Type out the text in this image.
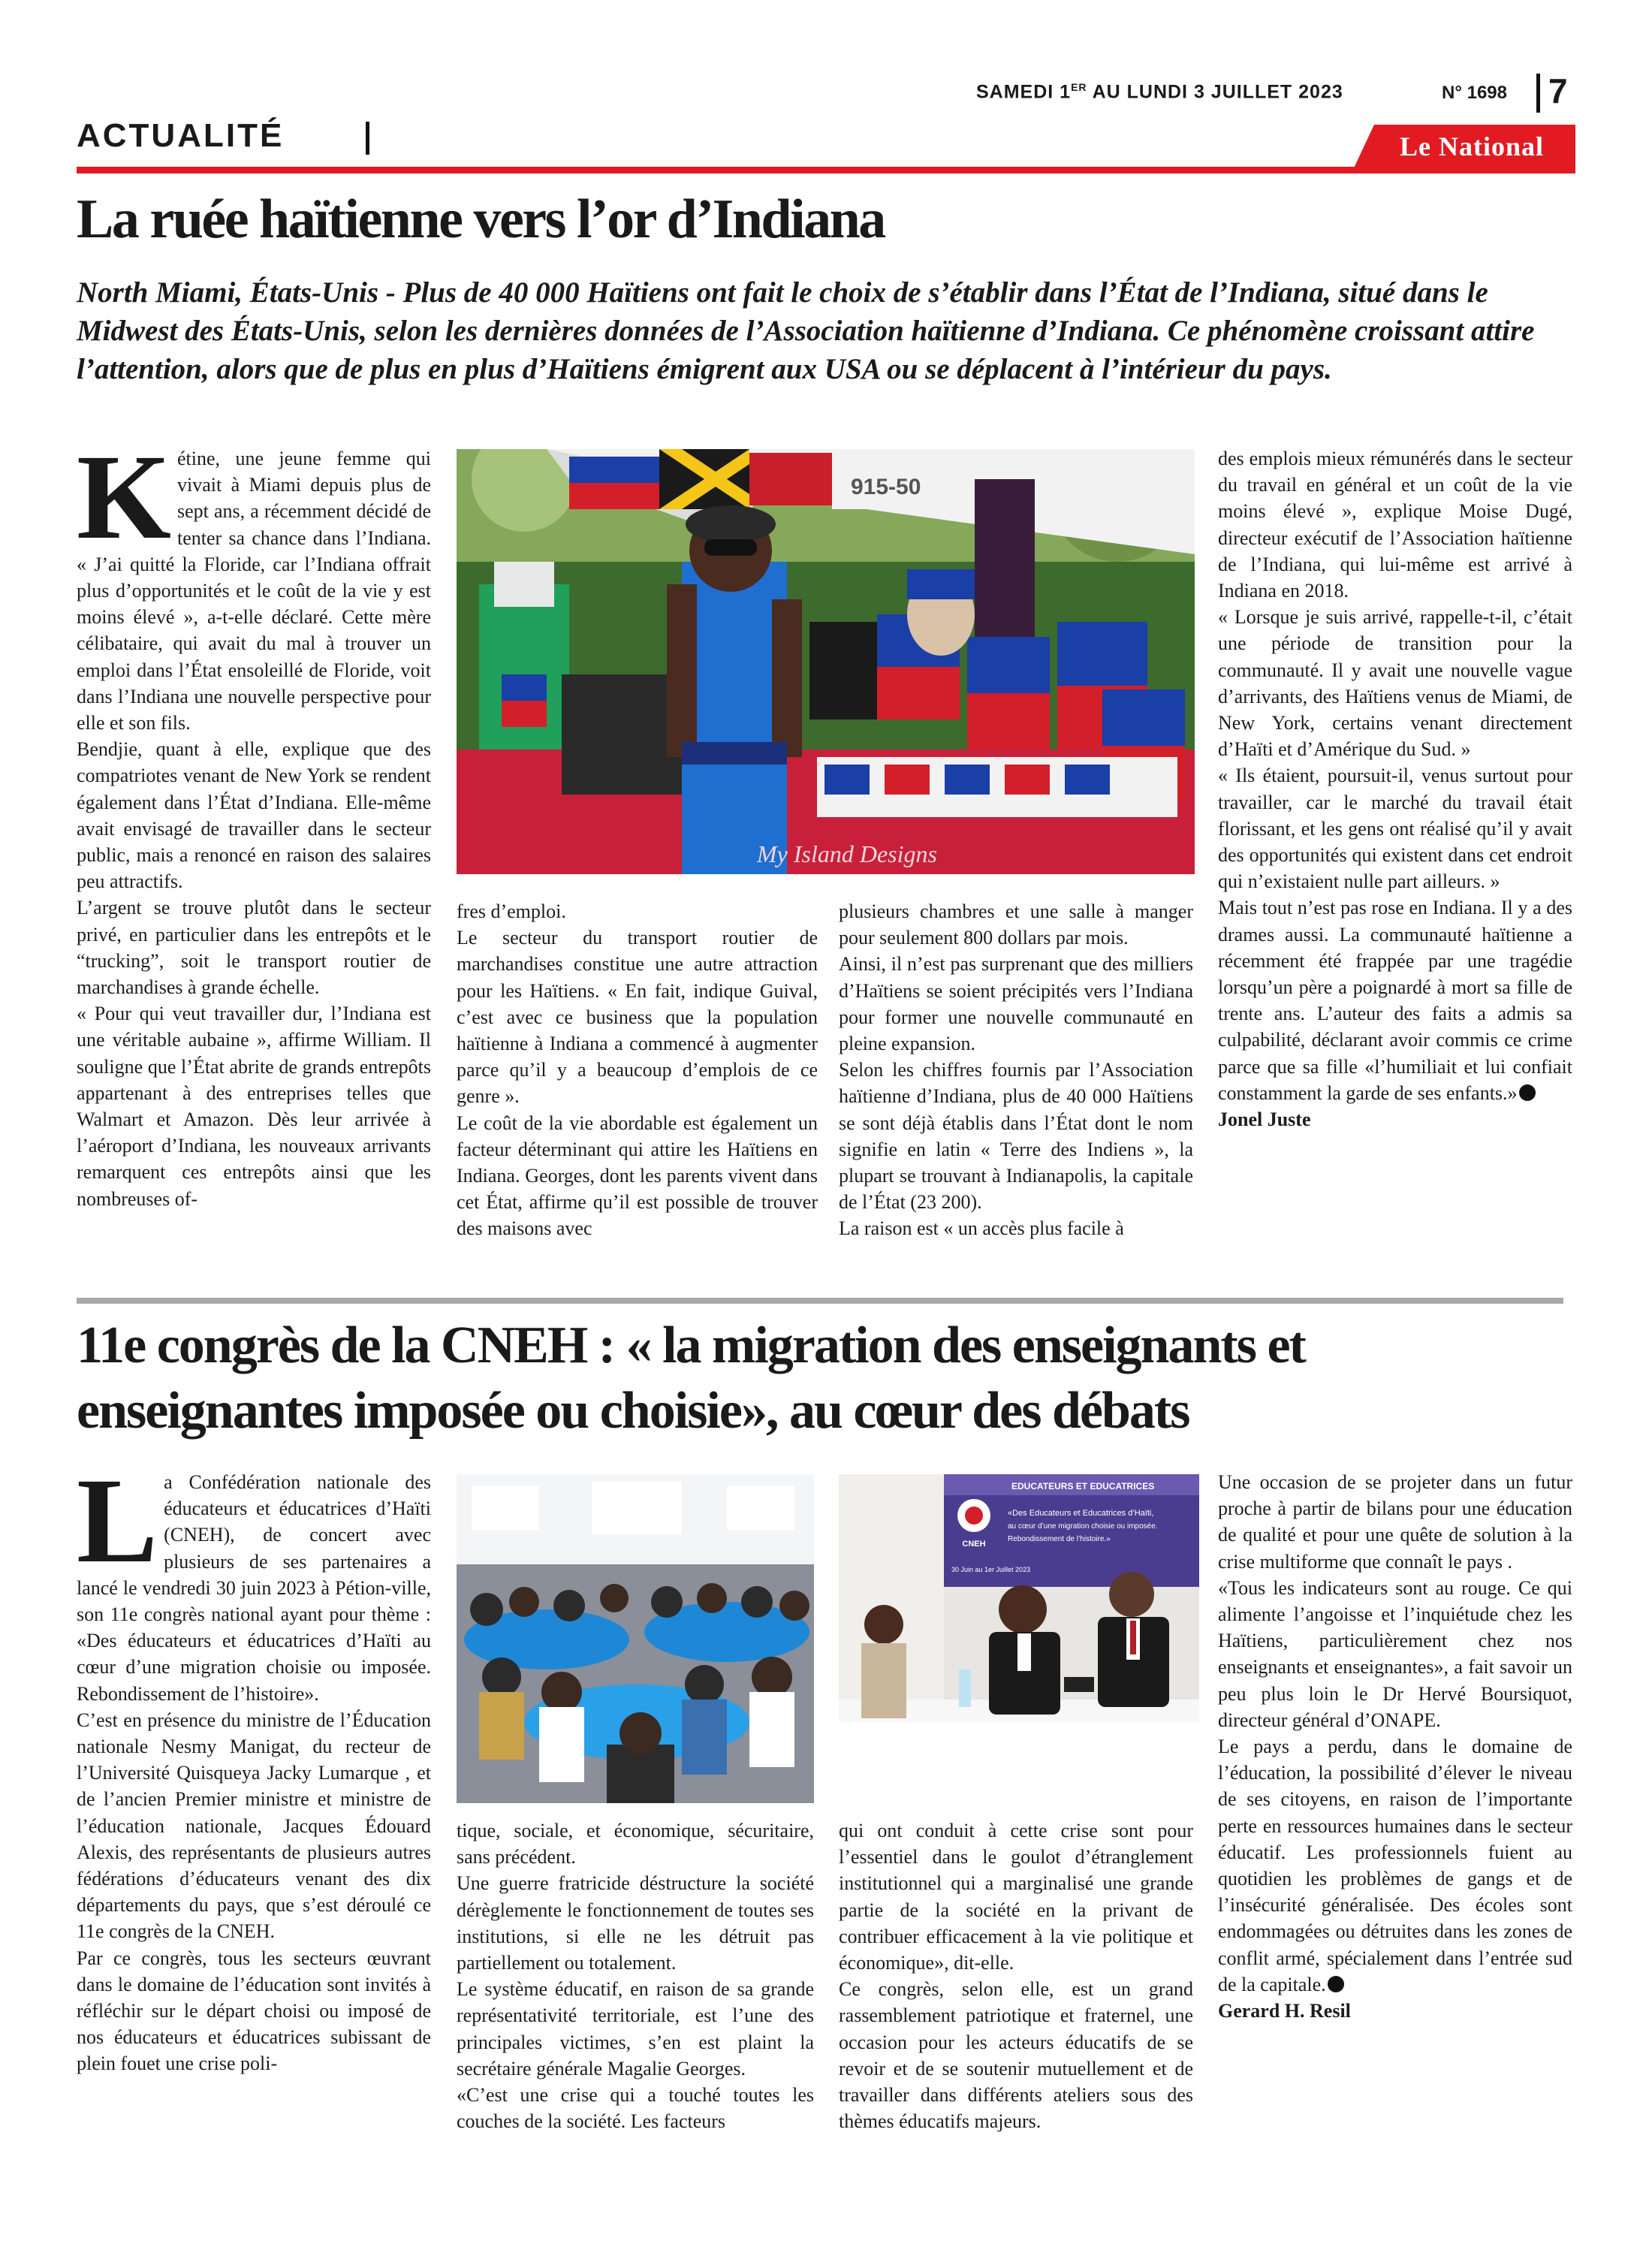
SAMEDI 1ER AU LUNDI 3 JUILLET 2023	N° 1698 7
ACTUALITÉ	Le National
La ruée haïtienne vers l’or d’Indiana
North Miami, États-Unis - Plus de 40 000 Haïtiens ont fait le choix de s’établir dans l’État de l’Indiana, situé dans le Midwest des États-Unis, selon les dernières données de l’Association haïtienne d’Indiana. Ce phénomène croissant attire l’attention, alors que de plus en plus d’Haïtiens émigrent aux USA ou se déplacent à l’intérieur du pays.

Kétine, une jeune femme qui vivait à Miami depuis plus de sept ans, a récemment décidé de tenter sa chance dans l’Indiana. « J’ai quitté la Floride, car l’Indiana offrait plus d’opportunités et le coût de la vie y est moins élevé », a-t-elle déclaré. Cette mère célibataire, qui avait du mal à trouver un emploi dans l’État ensoleillé de Floride, voit dans l’Indiana une nouvelle perspective pour elle et son fils.

Bendjie, quant à elle, explique que des compatriotes venant de New York se rendent également dans l’État d’Indiana. Elle-même avait envisagé de travailler dans le secteur public, mais a renoncé en raison des salaires peu attractifs.

L’argent se trouve plutôt dans le secteur privé, en particulier dans les entrepôts et le “trucking”, soit le transport routier de marchandises à grande échelle.

« Pour qui veut travailler dur, l’Indiana est une véritable aubaine », affirme William. Il souligne que l’État abrite de grands entrepôts appartenant à des entreprises telles que Walmart et Amazon. Dès leur arrivée à l’aéroport d’Indiana, les nouveaux arrivants remarquent ces entrepôts ainsi que les nombreuses of-

915-50
My Island Designs

fres d’emploi.

Le secteur du transport routier de marchandises constitue une autre attraction pour les Haïtiens. « En fait, indique Guival, c’est avec ce business que la population haïtienne à Indiana a commencé à augmenter parce qu’il y a beaucoup d’emplois de ce genre ».

Le coût de la vie abordable est également un facteur déterminant qui attire les Haïtiens en Indiana. Georges, dont les parents vivent dans cet État, affirme qu’il est possible de trouver des maisons avec

plusieurs chambres et une salle à manger pour seulement 800 dollars par mois.

Ainsi, il n’est pas surprenant que des milliers d’Haïtiens se soient précipités vers l’Indiana pour former une nouvelle communauté en pleine expansion.

Selon les chiffres fournis par l’Association haïtienne d’Indiana, plus de 40 000 Haïtiens se sont déjà établis dans l’État dont le nom signifie en latin « Terre des Indiens », la plupart se trouvant à Indianapolis, la capitale de l’État (23 200).

La raison est « un accès plus facile à

des emplois mieux rémunérés dans le secteur du travail en général et un coût de la vie moins élevé », explique Moise Dugé, directeur exécutif de l’Association haïtienne de l’Indiana, qui lui-même est arrivé à Indiana en 2018.

« Lorsque je suis arrivé, rappelle-t-il, c’était une période de transition pour la communauté. Il y avait une nouvelle vague d’arrivants, des Haïtiens venus de Miami, de New York, certains venant directement d’Haïti et d’Amérique du Sud. »

« Ils étaient, poursuit-il, venus surtout pour travailler, car le marché du travail était florissant, et les gens ont réalisé qu’il y avait des opportunités qui existent dans cet endroit qui n’existaient nulle part ailleurs. »

Mais tout n’est pas rose en Indiana. Il y a des drames aussi. La communauté haïtienne a récemment été frappée par une tragédie lorsqu’un père a poignardé à mort sa fille de trente ans. L’auteur des faits a admis sa culpabilité, déclarant avoir commis ce crime parce que sa fille «l’humiliait et lui confiait constamment la garde de ses enfants.»

Jonel Juste

11e congrès de la CNEH : « la migration des enseignants et enseignantes imposée ou choisie», au cœur des débats

La Confédération nationale des éducateurs et éducatrices d’Haïti (CNEH), de concert avec plusieurs de ses partenaires a lancé le vendredi 30 juin 2023 à Pétion-ville, son 11e congrès national ayant pour thème : «Des éducateurs et éducatrices d’Haïti au cœur d’une migration choisie ou imposée. Rebondissement de l’histoire».

C’est en présence du ministre de l’Éducation nationale Nesmy Manigat, du recteur de l’Université Quisqueya Jacky Lumarque , et de l’ancien Premier ministre et ministre de l’éducation nationale, Jacques Édouard Alexis, des représentants de plusieurs autres fédérations d’éducateurs venant des dix départements du pays, que s’est déroulé ce 11e congrès de la CNEH.

Par ce congrès, tous les secteurs œuvrant dans le domaine de l’éducation sont invités à réfléchir sur le départ choisi ou imposé de nos éducateurs et éducatrices subissant de plein fouet une crise poli-

tique, sociale, et économique, sécuritaire, sans précédent.

Une guerre fratricide déstructure la société dérèglemente le fonctionnement de toutes ses institutions, si elle ne les détruit pas partiellement ou totalement.

Le système éducatif, en raison de sa grande représentativité territoriale, est l’une des principales victimes, s’en est plaint la secrétaire générale Magalie Georges.

«C’est une crise qui a touché toutes les couches de la société. Les facteurs

CNEH
EDUCATEURS ET EDUCATRICES
«Des Educateurs et Educatrices d’Haïti,
au cœur d’une migration choisie ou imposée.
Rebondissement de l’histoire.»
30 Juin au 1er Juillet 2023

qui ont conduit à cette crise sont pour l’essentiel dans le goulot d’étranglement institutionnel qui a marginalisé une grande partie de la société en la privant de contribuer efficacement à la vie politique et économique», dit-elle.

Ce congrès, selon elle, est un grand rassemblement patriotique et fraternel, une occasion pour les acteurs éducatifs de se revoir et de se soutenir mutuellement et de travailler dans différents ateliers sous des thèmes éducatifs majeurs.

Une occasion de se projeter dans un futur proche à partir de bilans pour une éducation de qualité et pour une quête de solution à la crise multiforme que connaît le pays .

«Tous les indicateurs sont au rouge. Ce qui alimente l’angoisse et l’inquiétude chez les Haïtiens, particulièrement chez nos enseignants et enseignantes», a fait savoir un peu plus loin le Dr Hervé Boursiquot, directeur général d’ONAPE.

Le pays a perdu, dans le domaine de l’éducation, la possibilité d’élever le niveau de ses citoyens, en raison de l’importante perte en ressources humaines dans le secteur éducatif. Les professionnels fuient au quotidien les problèmes de gangs et de l’insécurité généralisée. Des écoles sont endommagées ou détruites dans les zones de conflit armé, spécialement dans l’entrée sud de la capitale.

Gerard H. Resil
